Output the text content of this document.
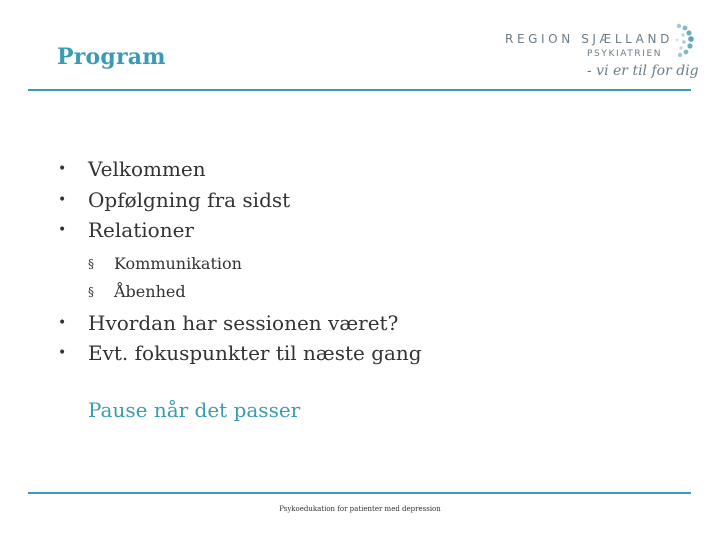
Program
REGION SJÆLLAND
PSYKIATRIEN
- vi er til for dig
• Velkommen
• Opfølgning fra sidst
• Relationer
§ Kommunikation
§ Åbenhed
• Hvordan har sessionen været?
• Evt. fokuspunkter til næste gang
Pause når det passer
Psykoedukation for patienter med depression
